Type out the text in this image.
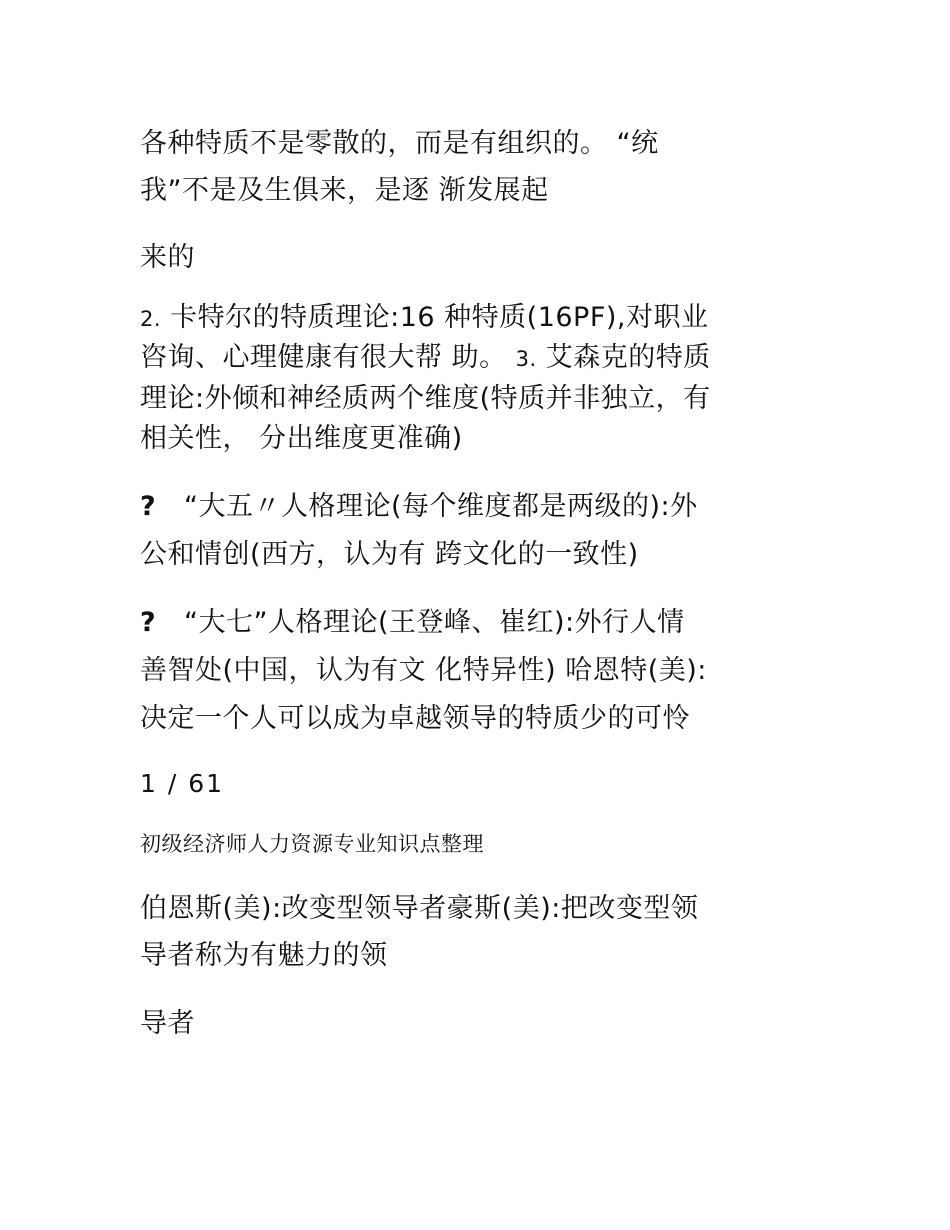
各种特质不是零散的，而是有组织的。 “统
我”不是及生俱来，是逐 渐发展起
来的
2. 卡特尔的特质理论:16 种特质(16PF),对职业
咨询、心理健康有很大帮 助。 3. 艾森克的特质
理论:外倾和神经质两个维度(特质并非独立，有
相关性， 分出维度更准确)
? “大五〃人格理论(每个维度都是两级的):外
公和情创(西方，认为有 跨文化的一致性)
? “大七”人格理论(王登峰、崔红):外行人情
善智处(中国，认为有文 化特异性) 哈恩特(美):
决定一个人可以成为卓越领导的特质少的可怜
1 / 61
初级经济师人力资源专业知识点整理
伯恩斯(美):改变型领导者豪斯(美):把改变型领
导者称为有魅力的领
导者
